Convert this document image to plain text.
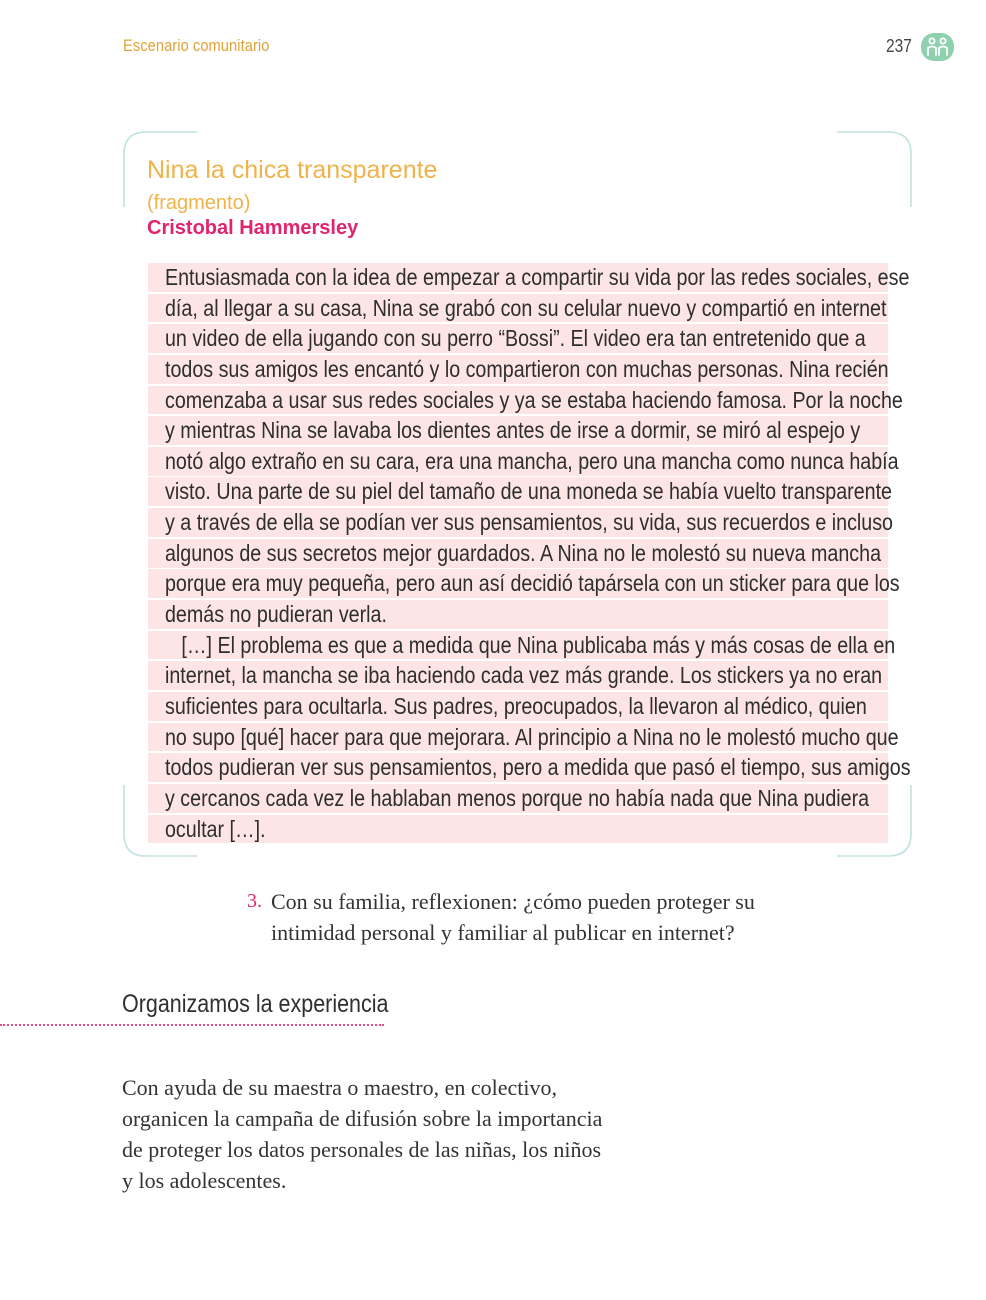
Escenario comunitario	237
Nina la chica transparente
(fragmento)
Cristobal Hammersley
Entusiasmada con la idea de empezar a compartir su vida por las redes sociales, ese
día, al llegar a su casa, Nina se grabó con su celular nuevo y compartió en internet
un video de ella jugando con su perro “Bossi”. El video era tan entretenido que a
todos sus amigos les encantó y lo compartieron con muchas personas. Nina recién
comenzaba a usar sus redes sociales y ya se estaba haciendo famosa. Por la noche
y mientras Nina se lavaba los dientes antes de irse a dormir, se miró al espejo y
notó algo extraño en su cara, era una mancha, pero una mancha como nunca había
visto. Una parte de su piel del tamaño de una moneda se había vuelto transparente
y a través de ella se podían ver sus pensamientos, su vida, sus recuerdos e incluso
algunos de sus secretos mejor guardados. A Nina no le molestó su nueva mancha
porque era muy pequeña, pero aun así decidió tapársela con un sticker para que los
demás no pudieran verla.
[…] El problema es que a medida que Nina publicaba más y más cosas de ella en
internet, la mancha se iba haciendo cada vez más grande. Los stickers ya no eran
suficientes para ocultarla. Sus padres, preocupados, la llevaron al médico, quien
no supo [qué] hacer para que mejorara. Al principio a Nina no le molestó mucho que
todos pudieran ver sus pensamientos, pero a medida que pasó el tiempo, sus amigos
y cercanos cada vez le hablaban menos porque no había nada que Nina pudiera
ocultar […].
3. Con su familia, reflexionen: ¿cómo pueden proteger su intimidad personal y familiar al publicar en internet?
Organizamos la experiencia

Con ayuda de su maestra o maestro, en colectivo, organicen la campaña de difusión sobre la importancia de proteger los datos personales de las niñas, los niños y los adolescentes.
